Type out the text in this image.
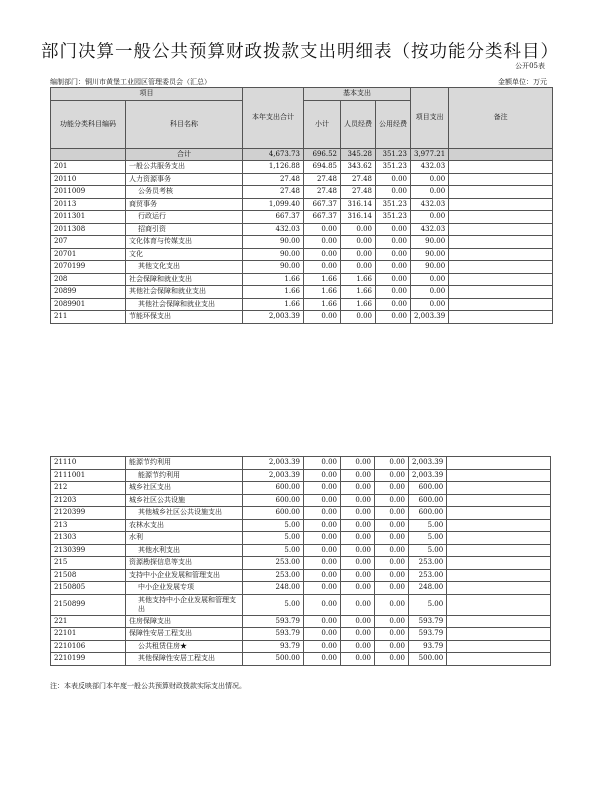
部门决算一般公共预算财政拨款支出明细表（按功能分类科目）
公开05表
编制部门：铜川市黄堡工业园区管理委员会（汇总）	金额单位：万元
项目		本年支出合计	基本支出			项目支出	备注
功能分类科目编码	科目名称		小计	人员经费	公用经费		

	合计	4,673.73	696.52	345.28	351.23	3,977.21	
201	一般公共服务支出	1,126.88	694.85	343.62	351.23	432.03	
20110	人力资源事务	27.48	27.48	27.48	0.00	0.00	
2011009	公务员考核	27.48	27.48	27.48	0.00	0.00	
20113	商贸事务	1,099.40	667.37	316.14	351.23	432.03	
2011301	行政运行	667.37	667.37	316.14	351.23	0.00	
2011308	招商引资	432.03	0.00	0.00	0.00	432.03	
207	文化体育与传媒支出	90.00	0.00	0.00	0.00	90.00	
20701	文化	90.00	0.00	0.00	0.00	90.00	
2070199	其他文化支出	90.00	0.00	0.00	0.00	90.00	
208	社会保障和就业支出	1.66	1.66	1.66	0.00	0.00	
20899	其他社会保障和就业支出	1.66	1.66	1.66	0.00	0.00	
2089901	其他社会保障和就业支出	1.66	1.66	1.66	0.00	0.00	
211	节能环保支出	2,003.39	0.00	0.00	0.00	2,003.39	
21110	能源节约利用	2,003.39	0.00	0.00	0.00	2,003.39	
2111001	能源节约利用	2,003.39	0.00	0.00	0.00	2,003.39	
212	城乡社区支出	600.00	0.00	0.00	0.00	600.00	
21203	城乡社区公共设施	600.00	0.00	0.00	0.00	600.00	
2120399	其他城乡社区公共设施支出	600.00	0.00	0.00	0.00	600.00	
213	农林水支出	5.00	0.00	0.00	0.00	5.00	
21303	水利	5.00	0.00	0.00	0.00	5.00	
2130399	其他水利支出	5.00	0.00	0.00	0.00	5.00	
215	资源勘探信息等支出	253.00	0.00	0.00	0.00	253.00	
21508	支持中小企业发展和管理支出	253.00	0.00	0.00	0.00	253.00	
2150805	中小企业发展专项	248.00	0.00	0.00	0.00	248.00	
2150899	其他支持中小企业发展和管理支出	5.00	0.00	0.00	0.00	5.00	
221	住房保障支出	593.79	0.00	0.00	0.00	593.79	
22101	保障性安居工程支出	593.79	0.00	0.00	0.00	593.79	
2210106	公共租赁住房★	93.79	0.00	0.00	0.00	93.79	
2210199	其他保障性安居工程支出	500.00	0.00	0.00	0.00	500.00	
注：本表反映部门本年度一般公共预算财政拨款实际支出情况。
